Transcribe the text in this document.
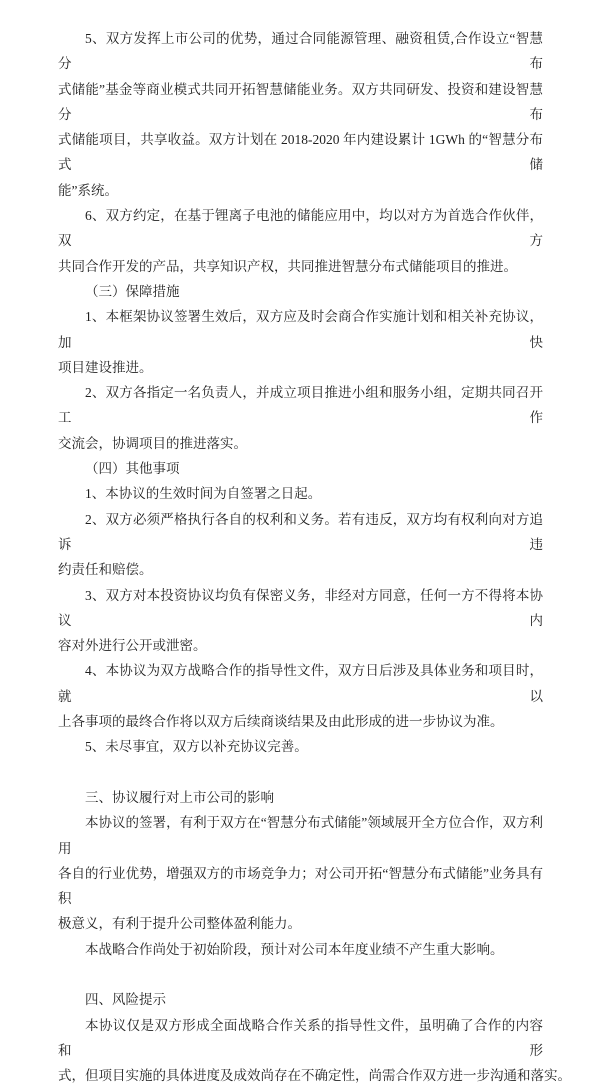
5、双方发挥上市公司的优势，通过合同能源管理、融资租赁,合作设立“智慧分布
式储能”基金等商业模式共同开拓智慧储能业务。双方共同研发、投资和建设智慧分布
式储能项目，共享收益。双方计划在 2018-2020 年内建设累计 1GWh 的“智慧分布式储
能”系统。
6、双方约定，在基于锂离子电池的储能应用中，均以对方为首选合作伙伴，双方
共同合作开发的产品，共享知识产权，共同推进智慧分布式储能项目的推进。
（三）保障措施
1、本框架协议签署生效后，双方应及时会商合作实施计划和相关补充协议，加快
项目建设推进。
2、双方各指定一名负责人，并成立项目推进小组和服务小组，定期共同召开工作
交流会，协调项目的推进落实。
（四）其他事项
1、本协议的生效时间为自签署之日起。
2、双方必须严格执行各自的权利和义务。若有违反，双方均有权利向对方追诉违
约责任和赔偿。
3、双方对本投资协议均负有保密义务，非经对方同意，任何一方不得将本协议内
容对外进行公开或泄密。
4、本协议为双方战略合作的指导性文件，双方日后涉及具体业务和项目时，就以
上各事项的最终合作将以双方后续商谈结果及由此形成的进一步协议为准。
5、未尽事宜，双方以补充协议完善。
三、协议履行对上市公司的影响
本协议的签署，有利于双方在“智慧分布式储能”领域展开全方位合作，双方利用
各自的行业优势，增强双方的市场竞争力；对公司开拓“智慧分布式储能”业务具有积
极意义，有利于提升公司整体盈利能力。
本战略合作尚处于初始阶段，预计对公司本年度业绩不产生重大影响。
四、风险提示
本协议仅是双方形成全面战略合作关系的指导性文件，虽明确了合作的内容和形
式，但项目实施的具体进度及成效尚存在不确定性，尚需合作双方进一步沟通和落实。
